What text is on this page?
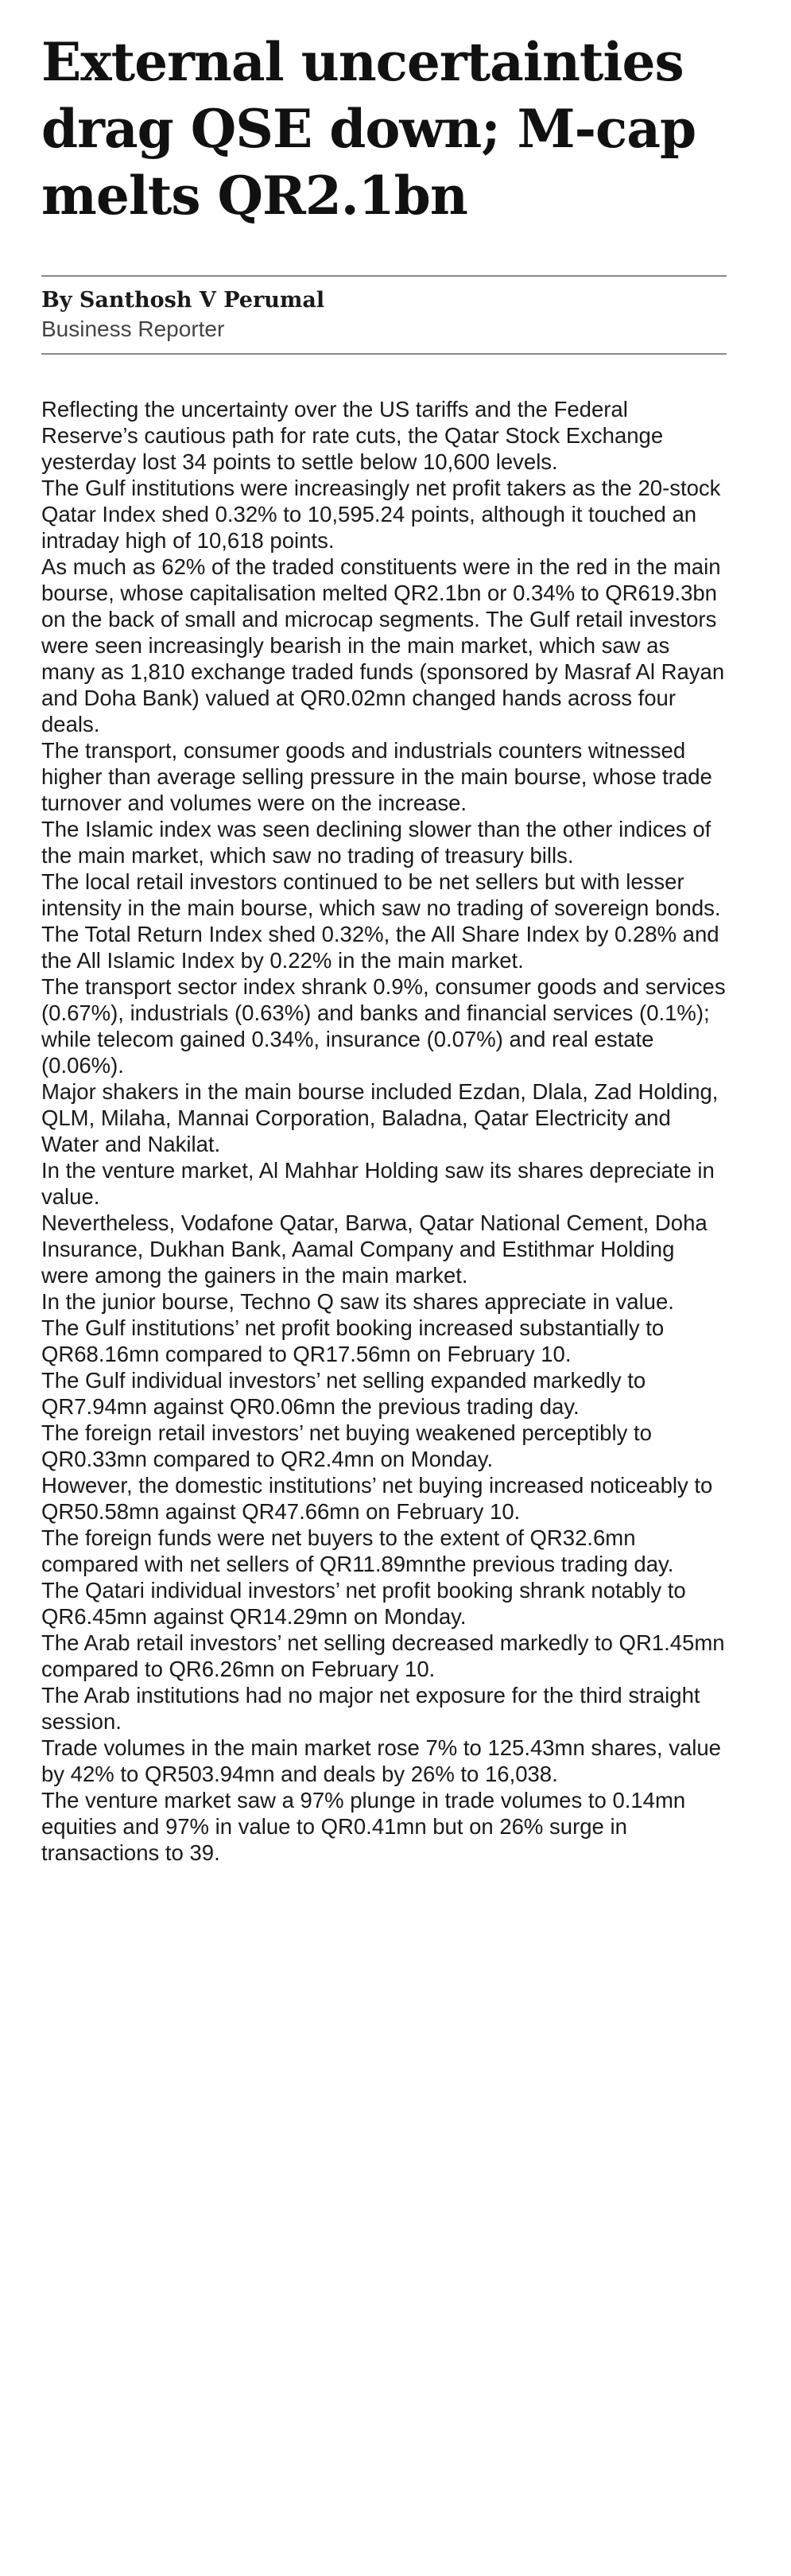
External uncertainties drag QSE down; M-cap melts QR2.1bn
By Santhosh V Perumal
Business Reporter

Reflecting the uncertainty over the US tariffs and the Federal Reserve’s cautious path for rate cuts, the Qatar Stock Exchange yesterday lost 34 points to settle below 10,600 levels.

The Gulf institutions were increasingly net profit takers as the 20-stock Qatar Index shed 0.32% to 10,595.24 points, although it touched an intraday high of 10,618 points.

As much as 62% of the traded constituents were in the red in the main bourse, whose capitalisation melted QR2.1bn or 0.34% to QR619.3bn on the back of small and microcap segments. The Gulf retail investors were seen increasingly bearish in the main market, which saw as many as 1,810 exchange traded funds (sponsored by Masraf Al Rayan and Doha Bank) valued at QR0.02mn changed hands across four deals.

The transport, consumer goods and industrials counters witnessed higher than average selling pressure in the main bourse, whose trade turnover and volumes were on the increase.

The Islamic index was seen declining slower than the other indices of the main market, which saw no trading of treasury bills.

The local retail investors continued to be net sellers but with lesser intensity in the main bourse, which saw no trading of sovereign bonds.

The Total Return Index shed 0.32%, the All Share Index by 0.28% and the All Islamic Index by 0.22% in the main market.

The transport sector index shrank 0.9%, consumer goods and services (0.67%), industrials (0.63%) and banks and financial services (0.1%); while telecom gained 0.34%, insurance (0.07%) and real estate (0.06%).

Major shakers in the main bourse included Ezdan, Dlala, Zad Holding, QLM, Milaha, Mannai Corporation, Baladna, Qatar Electricity and Water and Nakilat.

In the venture market, Al Mahhar Holding saw its shares depreciate in value.

Nevertheless, Vodafone Qatar, Barwa, Qatar National Cement, Doha Insurance, Dukhan Bank, Aamal Company and Estithmar Holding were among the gainers in the main market.

In the junior bourse, Techno Q saw its shares appreciate in value.

The Gulf institutions’ net profit booking increased substantially to QR68.16mn compared to QR17.56mn on February 10.

The Gulf individual investors’ net selling expanded markedly to QR7.94mn against QR0.06mn the previous trading day.

The foreign retail investors’ net buying weakened perceptibly to QR0.33mn compared to QR2.4mn on Monday.

However, the domestic institutions’ net buying increased noticeably to QR50.58mn against QR47.66mn on February 10.

The foreign funds were net buyers to the extent of QR32.6mn compared with net sellers of QR11.89mnthe previous trading day.

The Qatari individual investors’ net profit booking shrank notably to QR6.45mn against QR14.29mn on Monday.

The Arab retail investors’ net selling decreased markedly to QR1.45mn compared to QR6.26mn on February 10.

The Arab institutions had no major net exposure for the third straight session.

Trade volumes in the main market rose 7% to 125.43mn shares, value by 42% to QR503.94mn and deals by 26% to 16,038.

The venture market saw a 97% plunge in trade volumes to 0.14mn equities and 97% in value to QR0.41mn but on 26% surge in transactions to 39.
